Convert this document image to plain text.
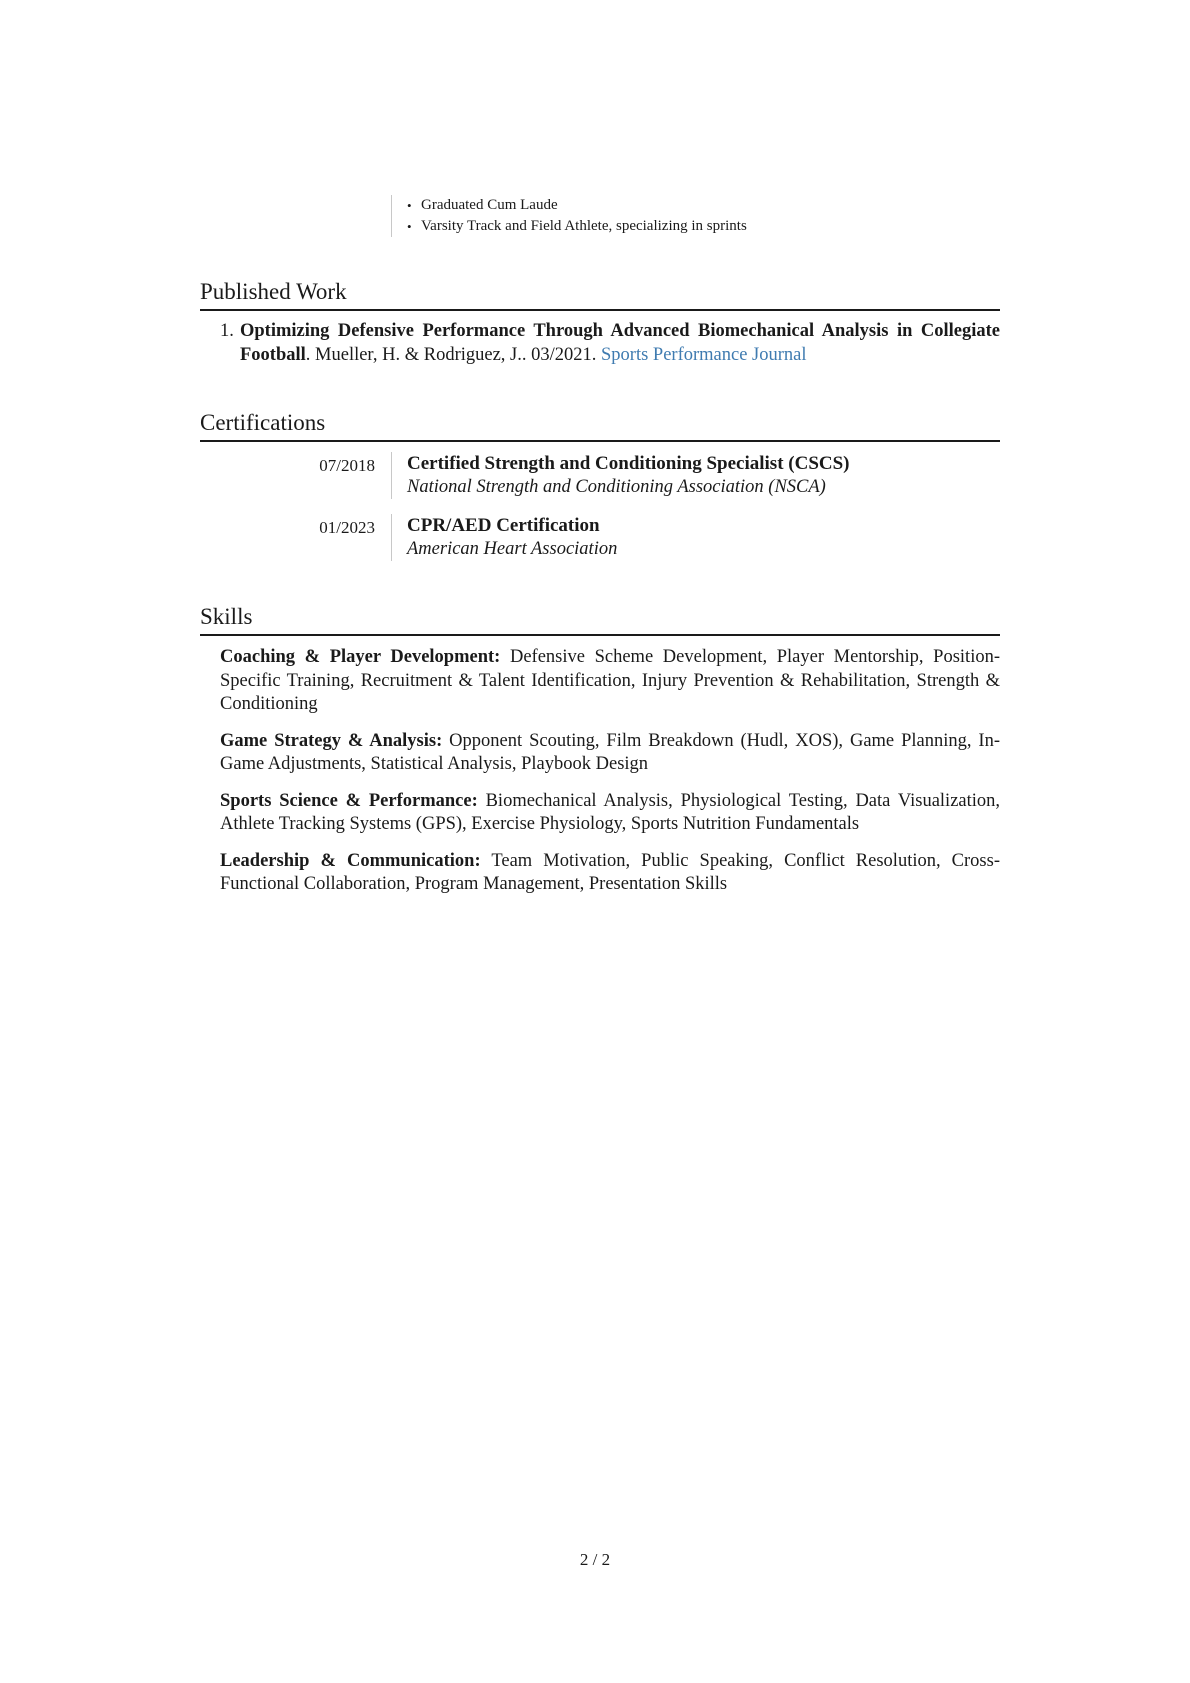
• Graduated Cum Laude
• Varsity Track and Field Athlete, specializing in sprints
Published Work
1. Optimizing Defensive Performance Through Advanced Biomechanical Analysis in Collegiate Football. Mueller, H. & Rodriguez, J.. 03/2021. Sports Performance Journal
Certifications
07/2018 Certified Strength and Conditioning Specialist (CSCS)
National Strength and Conditioning Association (NSCA)
01/2023 CPR/AED Certification
American Heart Association
Skills
Coaching & Player Development: Defensive Scheme Development, Player Mentorship, Position-Specific Training, Recruitment & Talent Identification, Injury Prevention & Rehabilitation, Strength & Conditioning
Game Strategy & Analysis: Opponent Scouting, Film Breakdown (Hudl, XOS), Game Planning, In-Game Adjustments, Statistical Analysis, Playbook Design
Sports Science & Performance: Biomechanical Analysis, Physiological Testing, Data Visualization, Athlete Tracking Systems (GPS), Exercise Physiology, Sports Nutrition Fundamentals
Leadership & Communication: Team Motivation, Public Speaking, Conflict Resolution, Cross-Functional Collaboration, Program Management, Presentation Skills
2 / 2
